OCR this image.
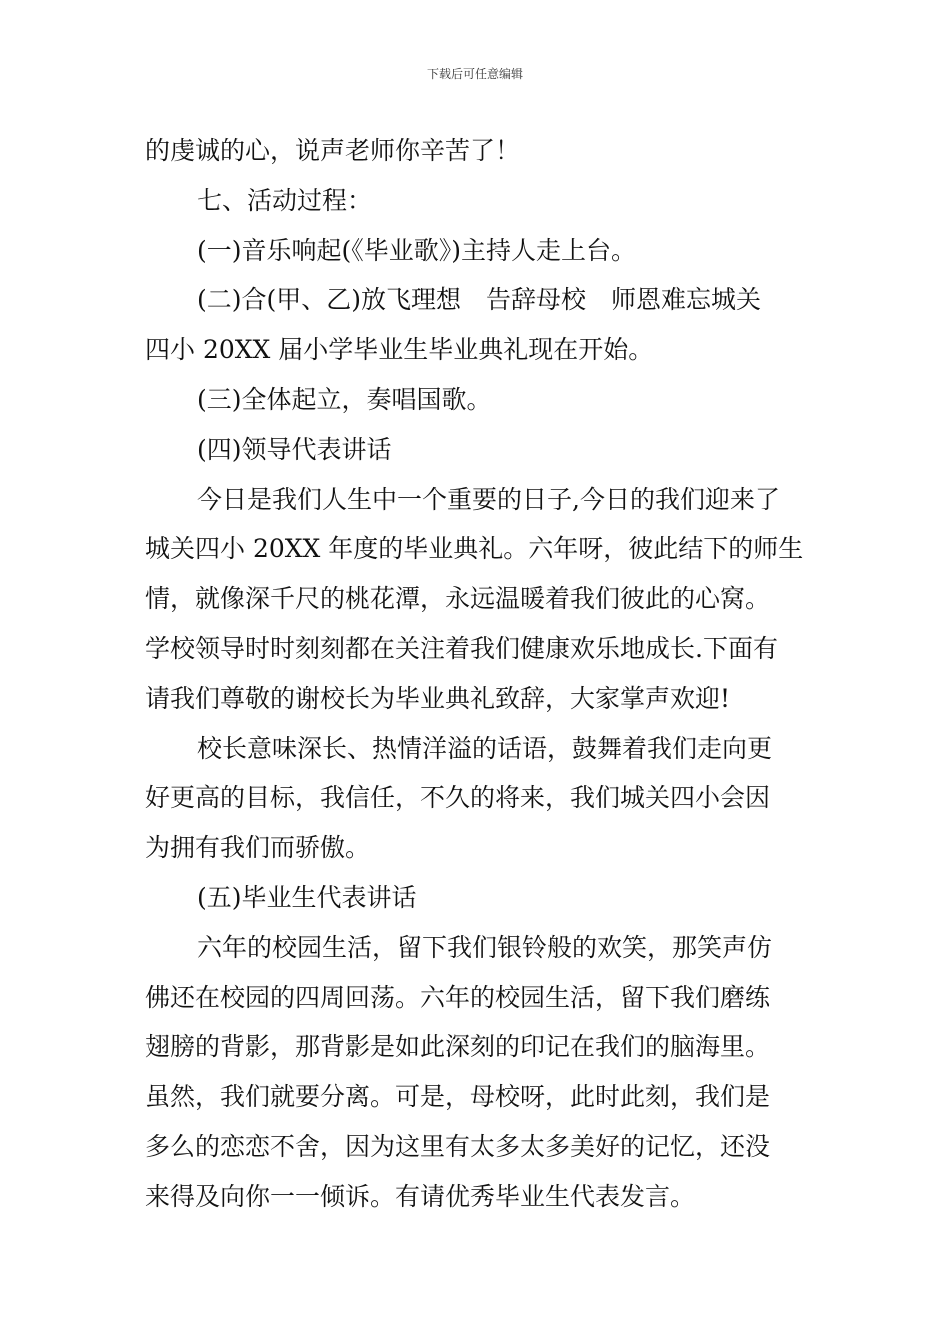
下载后可任意编辑
的虔诚的心，说声老师你辛苦了！
七、活动过程：
(一)音乐响起(《毕业歌》)主持人走上台。
(二)合(甲、乙)放飞理想　告辞母校　师恩难忘城关
四小 20XX 届小学毕业生毕业典礼现在开始。
(三)全体起立，奏唱国歌。
(四)领导代表讲话
今日是我们人生中一个重要的日子,今日的我们迎来了
城关四小 20XX 年度的毕业典礼。六年呀，彼此结下的师生
情，就像深千尺的桃花潭，永远温暖着我们彼此的心窝。
学校领导时时刻刻都在关注着我们健康欢乐地成长.下面有
请我们尊敬的谢校长为毕业典礼致辞，大家掌声欢迎!
校长意味深长、热情洋溢的话语，鼓舞着我们走向更
好更高的目标，我信任，不久的将来，我们城关四小会因
为拥有我们而骄傲。
(五)毕业生代表讲话
六年的校园生活，留下我们银铃般的欢笑，那笑声仿
佛还在校园的四周回荡。六年的校园生活，留下我们磨练
翅膀的背影，那背影是如此深刻的印记在我们的脑海里。
虽然，我们就要分离。可是，母校呀，此时此刻，我们是
多么的恋恋不舍，因为这里有太多太多美好的记忆，还没
来得及向你一一倾诉。有请优秀毕业生代表发言。
